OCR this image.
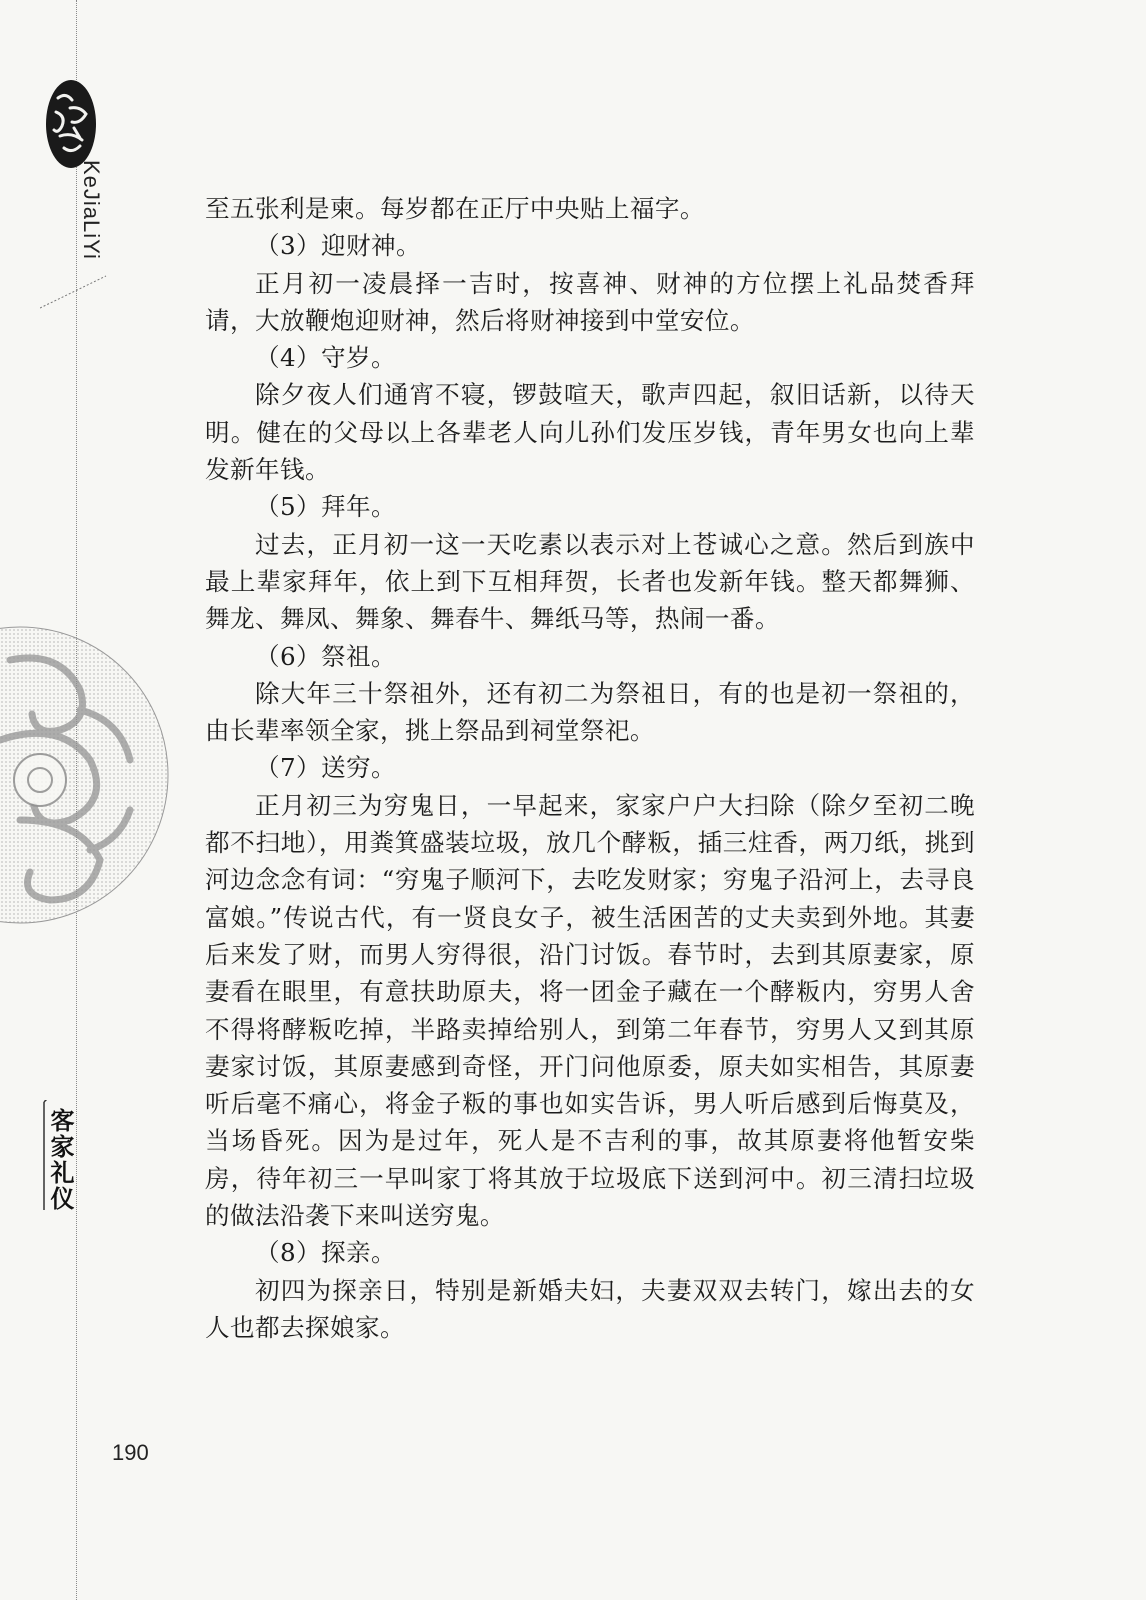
KeJiaLiYi
客家礼仪

至五张利是柬。每岁都在正厅中央贴上福字。

（3）迎财神。

正月初一凌晨择一吉时，按喜神、财神的方位摆上礼品焚香拜请，大放鞭炮迎财神，然后将财神接到中堂安位。

（4）守岁。

除夕夜人们通宵不寝，锣鼓喧天，歌声四起，叙旧话新，以待天明。健在的父母以上各辈老人向儿孙们发压岁钱，青年男女也向上辈发新年钱。

（5）拜年。

过去，正月初一这一天吃素以表示对上苍诚心之意。然后到族中最上辈家拜年，依上到下互相拜贺，长者也发新年钱。整天都舞狮、舞龙、舞凤、舞象、舞春牛、舞纸马等，热闹一番。

（6）祭祖。

除大年三十祭祖外，还有初二为祭祖日，有的也是初一祭祖的，由长辈率领全家，挑上祭品到祠堂祭祀。

（7）送穷。

正月初三为穷鬼日，一早起来，家家户户大扫除（除夕至初二晚都不扫地），用粪箕盛装垃圾，放几个酵粄，插三炷香，两刀纸，挑到河边念念有词：“穷鬼子顺河下，去吃发财家；穷鬼子沿河上，去寻良富娘。”传说古代，有一贤良女子，被生活困苦的丈夫卖到外地。其妻后来发了财，而男人穷得很，沿门讨饭。春节时，去到其原妻家，原妻看在眼里，有意扶助原夫，将一团金子藏在一个酵粄内，穷男人舍不得将酵粄吃掉，半路卖掉给别人，到第二年春节，穷男人又到其原妻家讨饭，其原妻感到奇怪，开门问他原委，原夫如实相告，其原妻听后毫不痛心，将金子粄的事也如实告诉，男人听后感到后悔莫及，当场昏死。因为是过年，死人是不吉利的事，故其原妻将他暂安柴房，待年初三一早叫家丁将其放于垃圾底下送到河中。初三清扫垃圾的做法沿袭下来叫送穷鬼。

（8）探亲。

初四为探亲日，特别是新婚夫妇，夫妻双双去转门，嫁出去的女人也都去探娘家。

190
